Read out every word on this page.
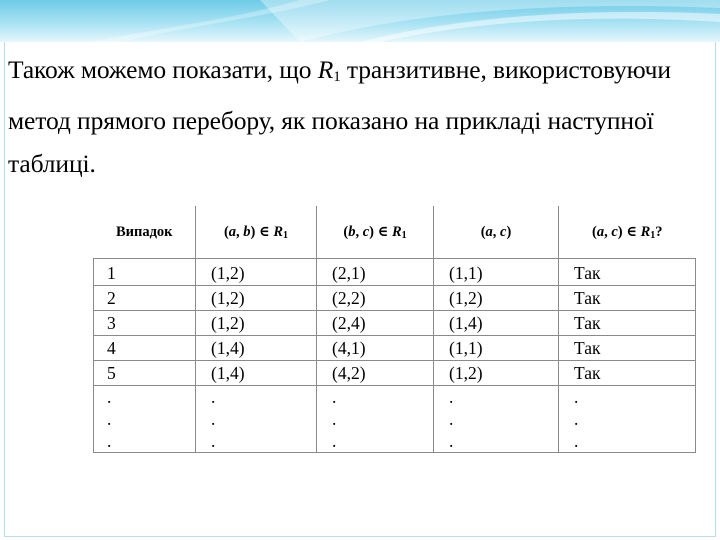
Також можемо показати, що $R_1$ транзитивне, використовуючи метод прямого перебору, як показано на прикладі наступної таблиці.

Випадок	(a, b) ∈ $R_1$	(b, c) ∈ $R_1$	(a, c)	(a, c) ∈ $R_1$?
1	(1,2)	(2,1)	(1,1)	Так
2	(1,2)	(2,2)	(1,2)	Так
3	(1,2)	(2,4)	(1,4)	Так
4	(1,4)	(4,1)	(1,1)	Так
5	(1,4)	(4,2)	(1,2)	Так
.	.	.	.	.
.	.	.	.	.
.	.	.	.	.
